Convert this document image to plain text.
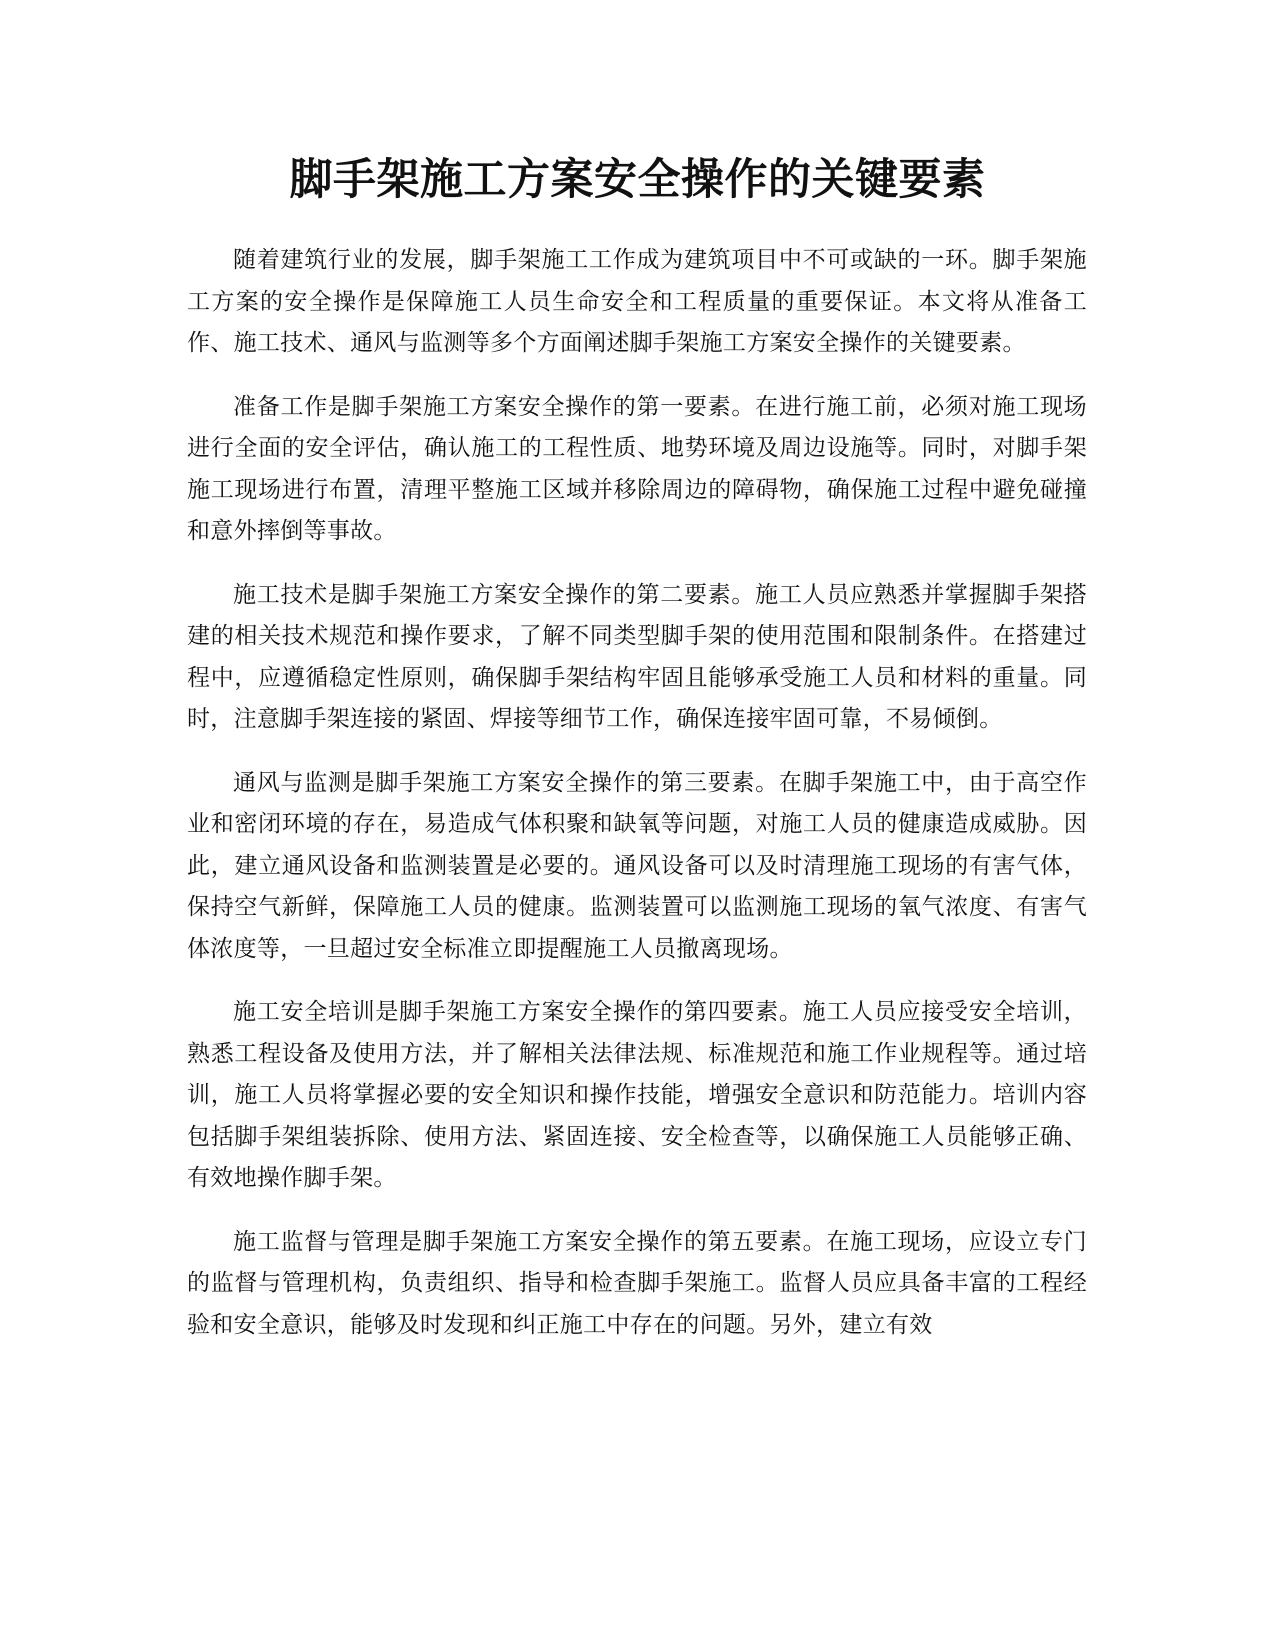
脚手架施工方案安全操作的关键要素

随着建筑行业的发展，脚手架施工工作成为建筑项目中不可或缺的一环。脚手架施工方案的安全操作是保障施工人员生命安全和工程质量的重要保证。本文将从准备工作、施工技术、通风与监测等多个方面阐述脚手架施工方案安全操作的关键要素。

准备工作是脚手架施工方案安全操作的第一要素。在进行施工前，必须对施工现场进行全面的安全评估，确认施工的工程性质、地势环境及周边设施等。同时，对脚手架施工现场进行布置，清理平整施工区域并移除周边的障碍物，确保施工过程中避免碰撞和意外摔倒等事故。

施工技术是脚手架施工方案安全操作的第二要素。施工人员应熟悉并掌握脚手架搭建的相关技术规范和操作要求，了解不同类型脚手架的使用范围和限制条件。在搭建过程中，应遵循稳定性原则，确保脚手架结构牢固且能够承受施工人员和材料的重量。同时，注意脚手架连接的紧固、焊接等细节工作，确保连接牢固可靠，不易倾倒。

通风与监测是脚手架施工方案安全操作的第三要素。在脚手架施工中，由于高空作业和密闭环境的存在，易造成气体积聚和缺氧等问题，对施工人员的健康造成威胁。因此，建立通风设备和监测装置是必要的。通风设备可以及时清理施工现场的有害气体，保持空气新鲜，保障施工人员的健康。监测装置可以监测施工现场的氧气浓度、有害气体浓度等，一旦超过安全标准立即提醒施工人员撤离现场。

施工安全培训是脚手架施工方案安全操作的第四要素。施工人员应接受安全培训，熟悉工程设备及使用方法，并了解相关法律法规、标准规范和施工作业规程等。通过培训，施工人员将掌握必要的安全知识和操作技能，增强安全意识和防范能力。培训内容包括脚手架组装拆除、使用方法、紧固连接、安全检查等，以确保施工人员能够正确、有效地操作脚手架。

施工监督与管理是脚手架施工方案安全操作的第五要素。在施工现场，应设立专门的监督与管理机构，负责组织、指导和检查脚手架施工。监督人员应具备丰富的工程经验和安全意识，能够及时发现和纠正施工中存在的问题。另外，建立有效
